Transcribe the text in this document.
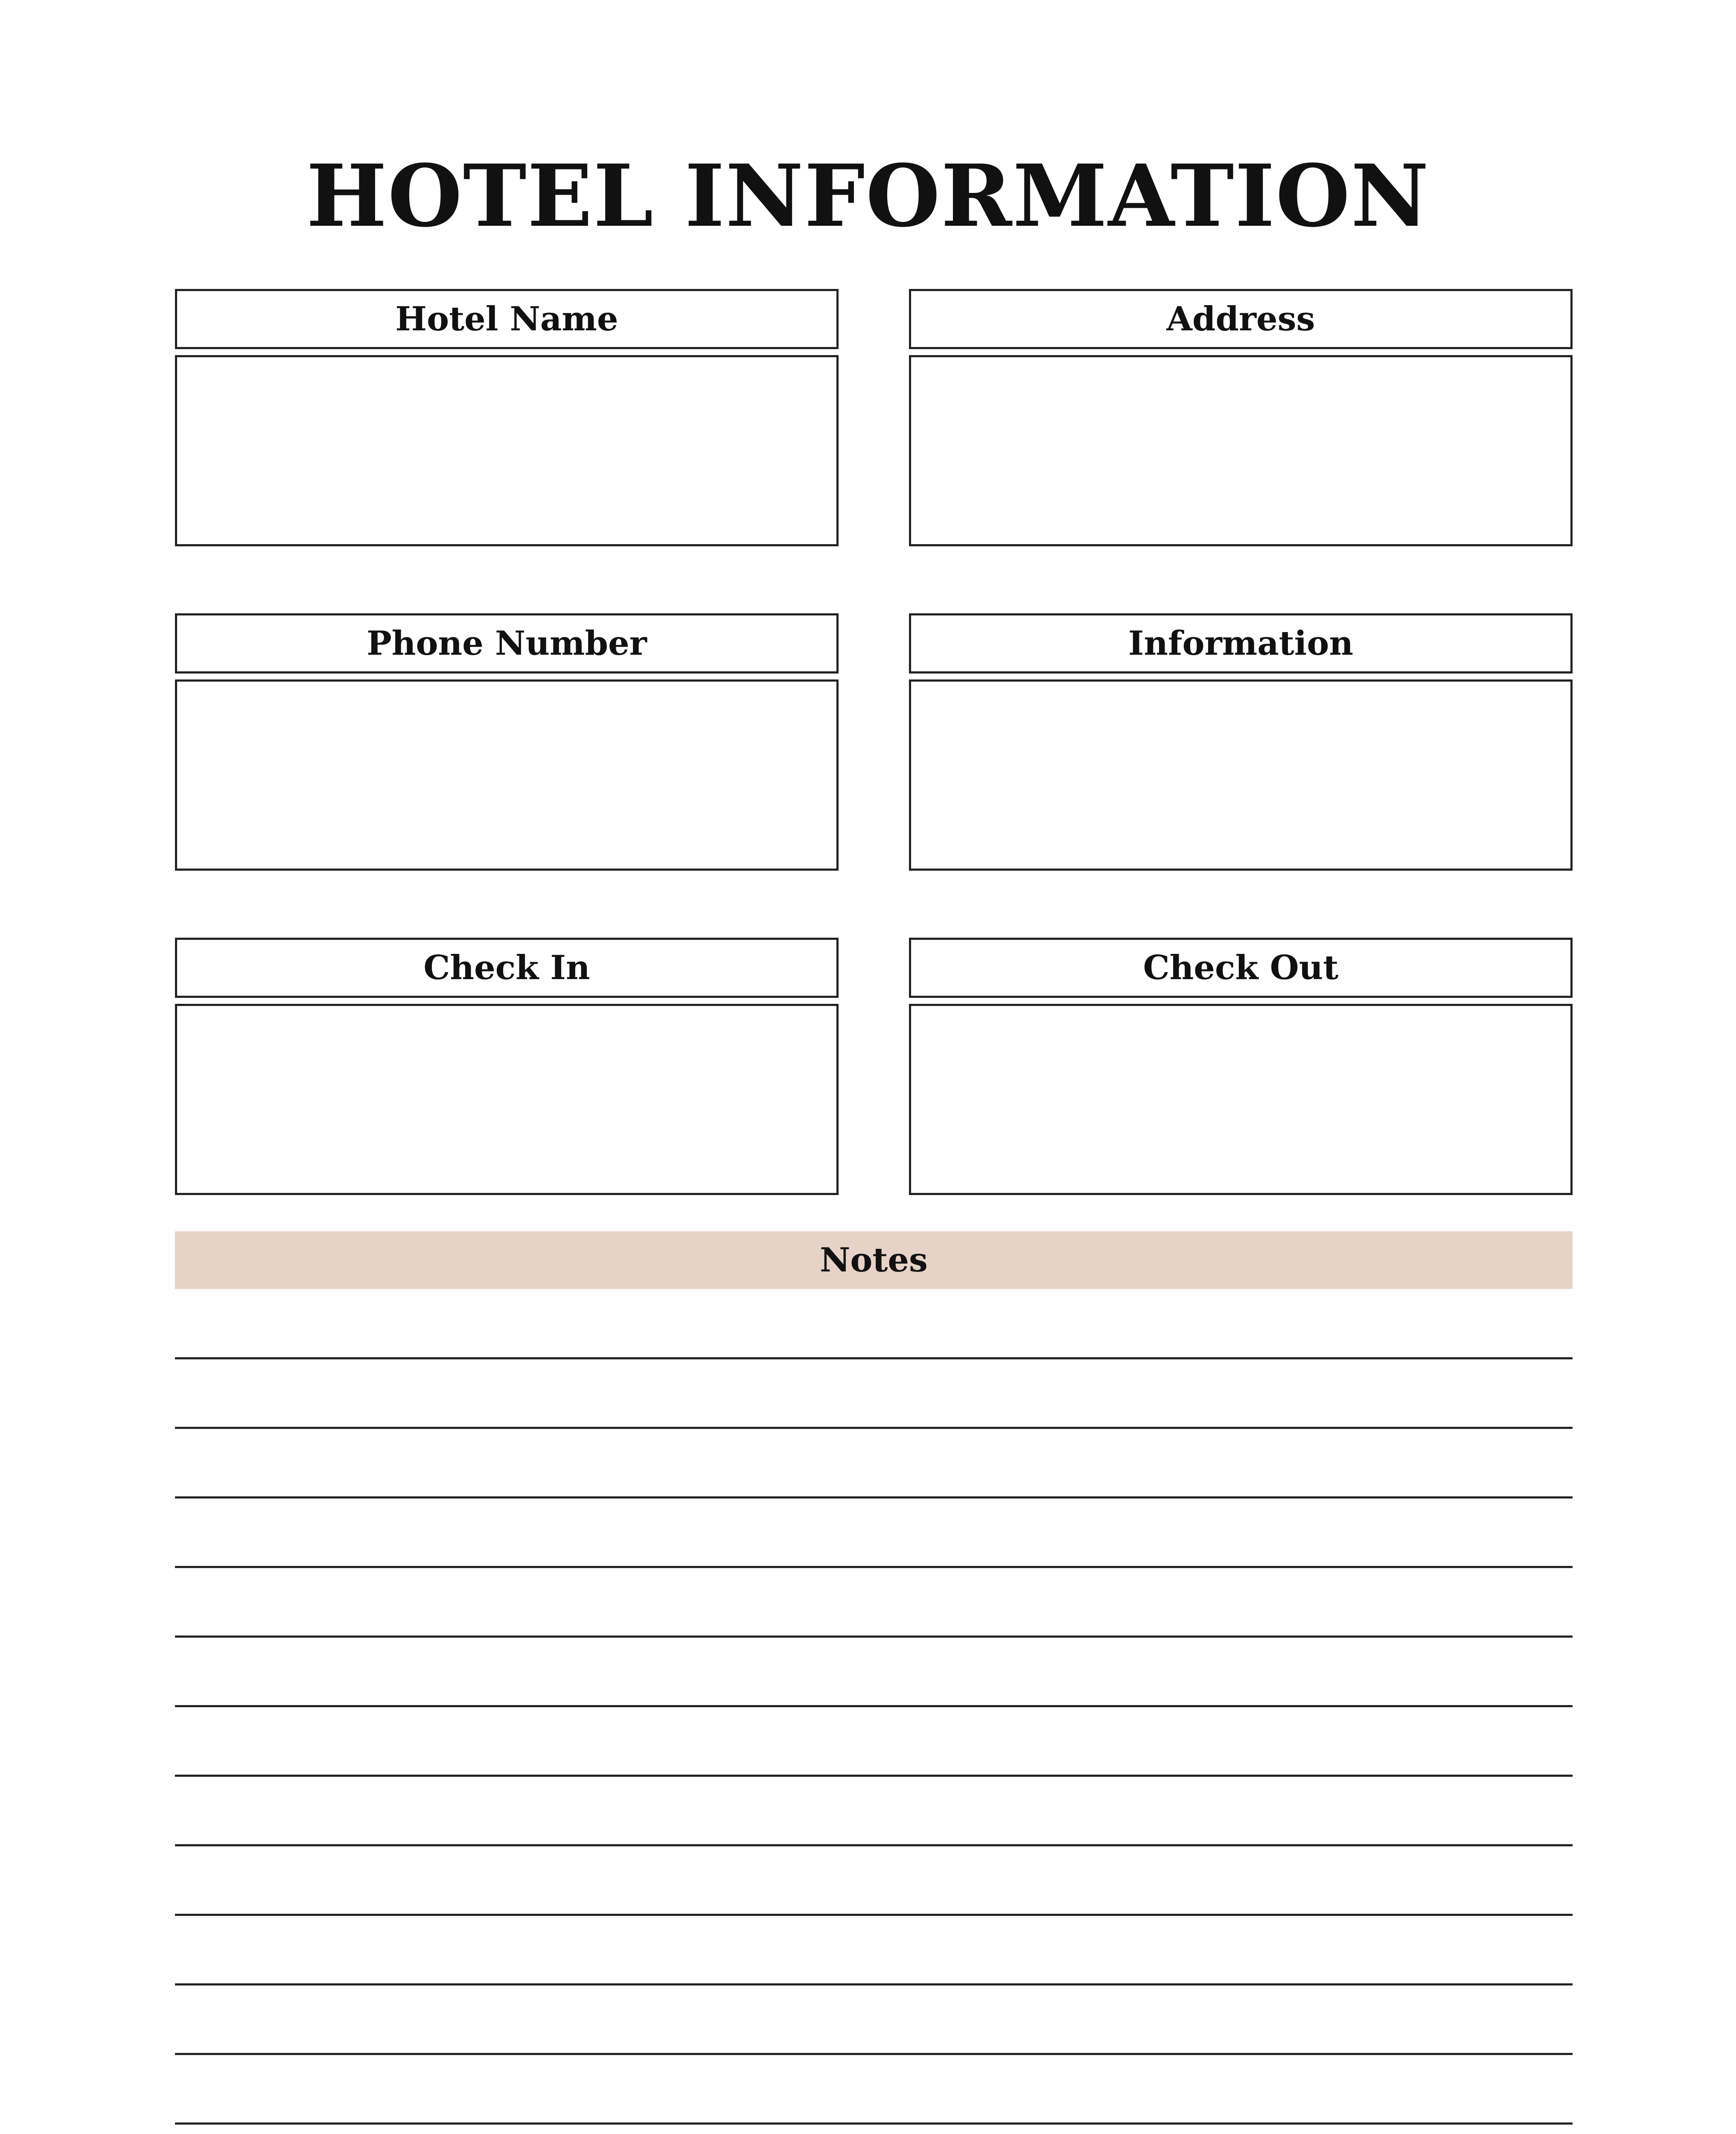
HOTEL INFORMATION
Hotel Name	Address
Phone Number	Information
Check In	Check Out
Notes
